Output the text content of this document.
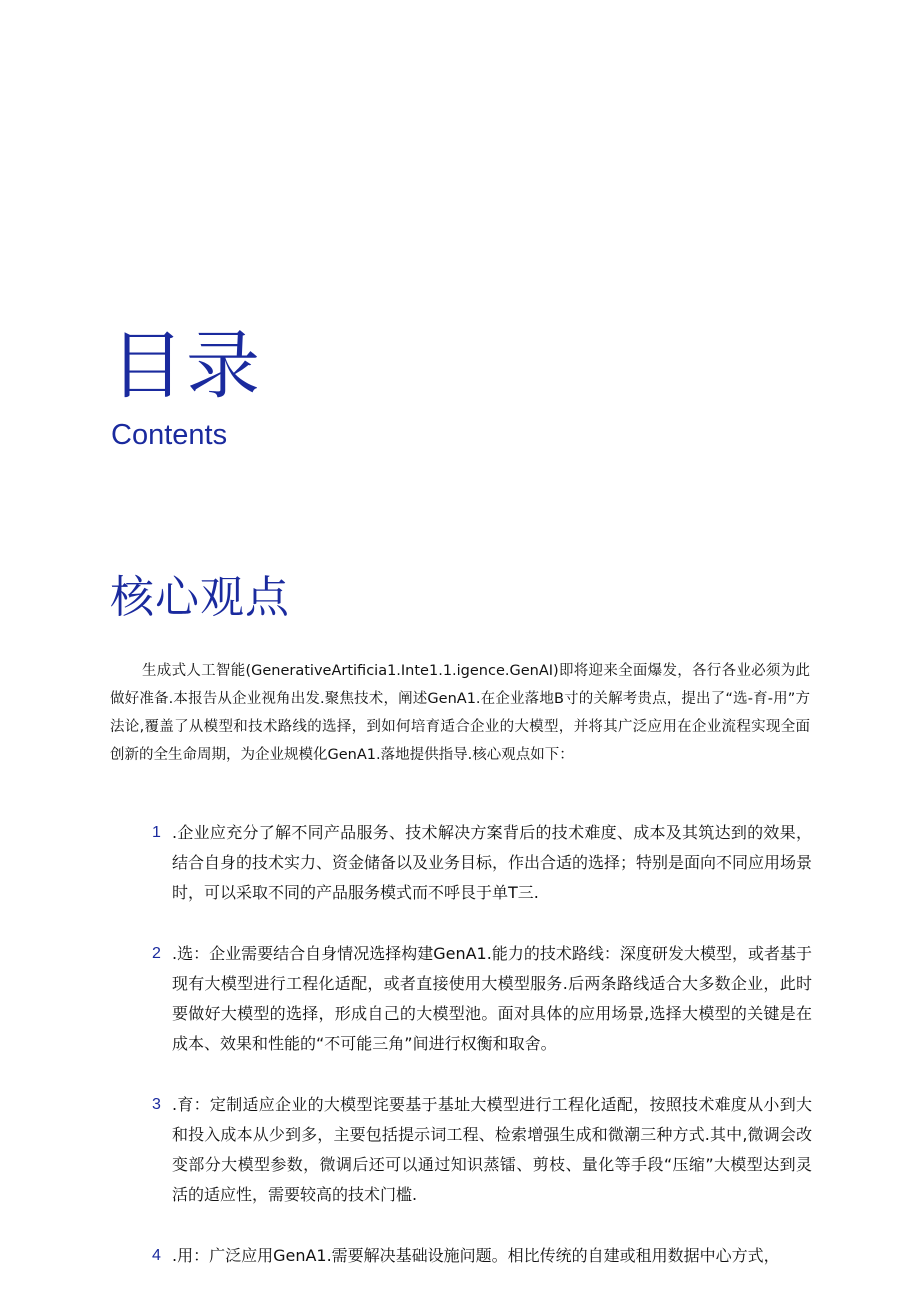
目录
Contents
核心观点

生成式人工智能(GenerativeArtificia1.Inte1.1.igence.GenAI)即将迎来全面爆发，各行各业必须为此做好准备.本报告从企业视角出发.聚焦技术，阐述GenA1.在企业落地B寸的关解考贵点，提出了“选-育-用”方法论,覆盖了从模型和技术路线的选择，到如何培育适合企业的大模型，并将其广泛应用在企业流程实现全面创新的全生命周期，为企业规模化GenA1.落地提供指导.核心观点如下：

1 .企业应充分了解不同产品服务、技术解决方案背后的技术难度、成本及其筑达到的效果，结合自身的技术实力、资金储备以及业务目标，作出合适的选择；特别是面向不同应用场景时，可以采取不同的产品服务模式而不呼艮于单T三.
2 .选：企业需要结合自身情况选择构建GenA1.能力的技术路线：深度研发大模型，或者基于现有大模型进行工程化适配，或者直接使用大模型服务.后两条路线适合大多数企业，此时要做好大模型的选择，形成自己的大模型池。面对具体的应用场景,选择大模型的关键是在成本、效果和性能的“不可能三角”间进行权衡和取舍。
3 .育：定制适应企业的大模型诧要基于基址大模型进行工程化适配，按照技术难度从小到大和投入成本从少到多，主要包括提示词工程、检索增强生成和微潮三种方式.其中,微调会改变部分大模型参数，微调后还可以通过知识蒸镭、剪枝、量化等手段“压缩”大模型达到灵活的适应性，需要较高的技术门槛.
4 .用：广泛应用GenA1.需要解决基础设施问题。相比传统的自建或租用数据中心方式，
